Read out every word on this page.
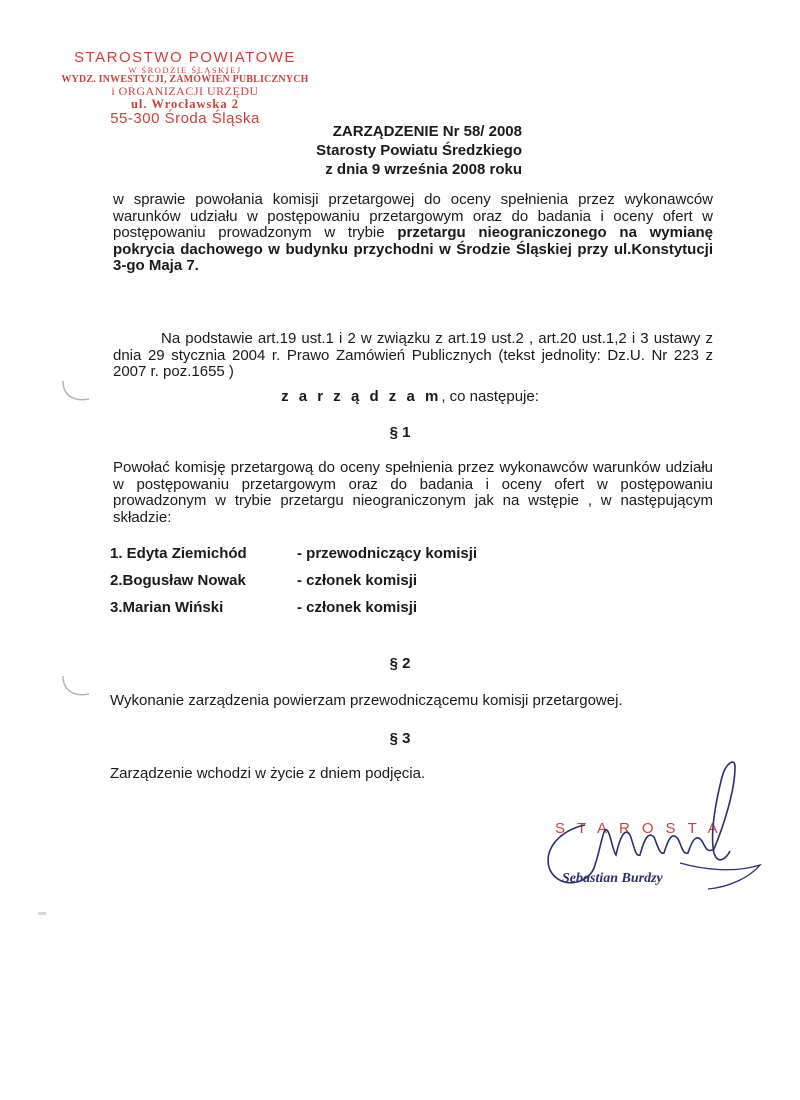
STAROSTWO POWIATOWE
W ŚRODZIE ŚLĄSKIEJ
WYDZ. INWESTYCJI, ZAMÓWIEŃ PUBLICZNYCH
i ORGANIZACJI URZĘDU
ul. Wrocławska 2
55-300 Środa Śląska
ZARZĄDZENIE Nr 58/ 2008
Starosty Powiatu Średzkiego
z dnia 9 września 2008 roku
w sprawie powołania komisji przetargowej do oceny spełnienia przez wykonawców warunków udziału w postępowaniu przetargowym oraz do badania i oceny ofert w postępowaniu prowadzonym w trybie przetargu nieograniczonego na wymianę pokrycia dachowego w budynku przychodni w Środzie Śląskiej przy ul.Konstytucji 3-go Maja 7.
Na podstawie art.19 ust.1 i 2 w związku z art.19 ust.2 , art.20 ust.1,2 i 3 ustawy z dnia 29 stycznia 2004 r. Prawo Zamówień Publicznych (tekst jednolity: Dz.U. Nr 223 z 2007 r. poz.1655 )
z a r z ą d z a m, co następuje:
§ 1
Powołać komisję przetargową do oceny spełnienia przez wykonawców warunków udziału w postępowaniu przetargowym oraz do badania i oceny ofert w postępowaniu prowadzonym w trybie przetargu nieograniczonym jak na wstępie , w następującym składzie:
1. Edyta Ziemichód	- przewodniczący komisji
2.Bogusław Nowak	- członek komisji
3.Marian Wiński	- członek komisji
§ 2
Wykonanie zarządzenia powierzam przewodniczącemu komisji przetargowej.
§ 3
Zarządzenie wchodzi w życie z dniem podjęcia.
STAROSTA
Sebastian Burdzy
